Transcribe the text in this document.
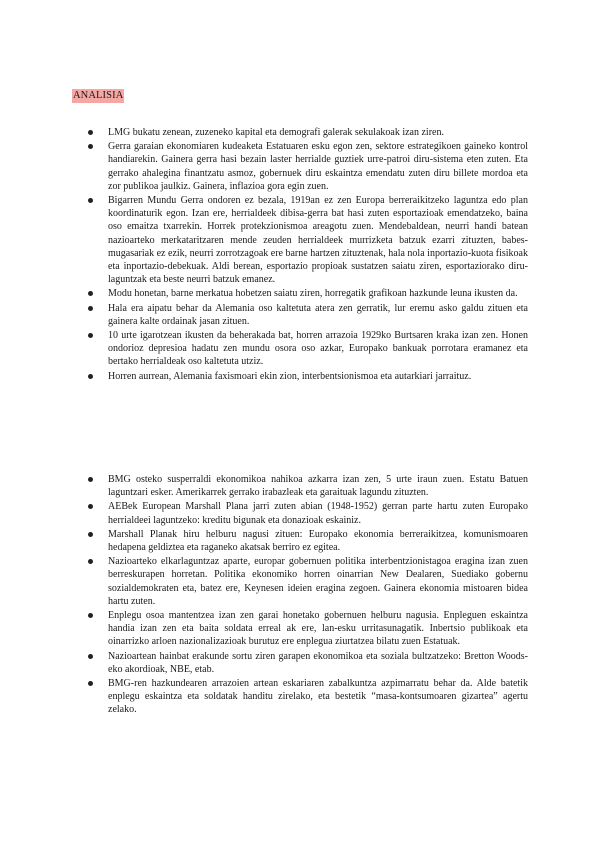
ANALISIA
LMG bukatu zenean, zuzeneko kapital eta demografi galerak sekulakoak izan ziren.
Gerra garaian ekonomiaren kudeaketa Estatuaren esku egon zen, sektore estrategikoen gaineko kontrol handiarekin. Gainera gerra hasi bezain laster herrialde guztiek urre-patroi diru-sistema eten zuten. Eta gerrako ahalegina finantzatu asmoz, gobernuek diru eskaintza emendatu zuten diru billete mordoa eta zor publikoa jaulkiz. Gainera, inflazioa gora egin zuen.
Bigarren Mundu Gerra ondoren ez bezala, 1919an ez zen Europa berreraikitzeko laguntza edo plan koordinaturik egon. Izan ere, herrialdeek dibisa-gerra bat hasi zuten esportazioak emendatzeko, baina oso emaitza txarrekin. Horrek protekzionismoa areagotu zuen. Mendebaldean, neurri handi batean nazioarteko merkataritzaren mende zeuden herrialdeek murrizketa batzuk ezarri zituzten, babes-mugasariak ez ezik, neurri zorrotzagoak ere barne hartzen zituztenak, hala nola inportazio-kuota fisikoak eta inportazio-debekuak. Aldi berean, esportazio propioak sustatzen saiatu ziren, esportaziorako diru-laguntzak eta beste neurri batzuk emanez.
Modu honetan, barne merkatua hobetzen saiatu ziren, horregatik grafikoan hazkunde leuna ikusten da.
Hala era aipatu behar da Alemania oso kaltetuta atera zen gerratik, lur eremu asko galdu zituen eta gainera kalte ordainak jasan zituen.
10 urte igarotzean ikusten da beherakada bat, horren arrazoia 1929ko Burtsaren kraka izan zen. Honen ondorioz depresioa hadatu zen mundu osora oso azkar, Europako bankuak porrotara eramanez eta bertako herrialdeak oso kaltetuta utziz.
Horren aurrean, Alemania faxismoari ekin zion, interbentsionismoa eta autarkiari jarraituz.
BMG osteko susperraldi ekonomikoa nahikoa azkarra izan zen, 5 urte iraun zuen. Estatu Batuen laguntzari esker. Amerikarrek gerrako irabazleak eta garaituak lagundu zituzten.
AEBek European Marshall Plana jarri zuten abian (1948-1952) gerran parte hartu zuten Europako herrialdeei laguntzeko: kreditu bigunak eta donazioak eskainiz.
Marshall Planak hiru helburu nagusi zituen: Europako ekonomia berreraikitzea, komunismoaren hedapena geldiztea eta raganeko akatsak berriro ez egitea.
Nazioarteko elkarlaguntzaz aparte, europar gobernuen politika interbentzionistagoa eragina izan zuen berreskurapen horretan. Politika ekonomiko horren oinarrian New Dealaren, Suediako gobernu sozialdemokraten eta, batez ere, Keynesen ideien eragina zegoen. Gainera ekonomia mistoaren bidea hartu zuten.
Enplegu osoa mantentzea izan zen garai honetako gobernuen helburu nagusia. Enpleguen eskaintza handia izan zen eta baita soldata erreal ak ere, lan-esku urritasunagatik. Inbertsio publikoak eta oinarrizko arloen nazionalizazioak burutuz ere enplegua ziurtatzea bilatu zuen Estatuak.
Nazioartean hainbat erakunde sortu ziren garapen ekonomikoa eta soziala bultzatzeko: Bretton Woods-eko akordioak, NBE, etab.
BMG-ren hazkundearen arrazoien artean eskariaren zabalkuntza azpimarratu behar da. Alde batetik enplegu eskaintza eta soldatak handitu zirelako, eta bestetik “masa-kontsumoaren gizartea” agertu zelako.
